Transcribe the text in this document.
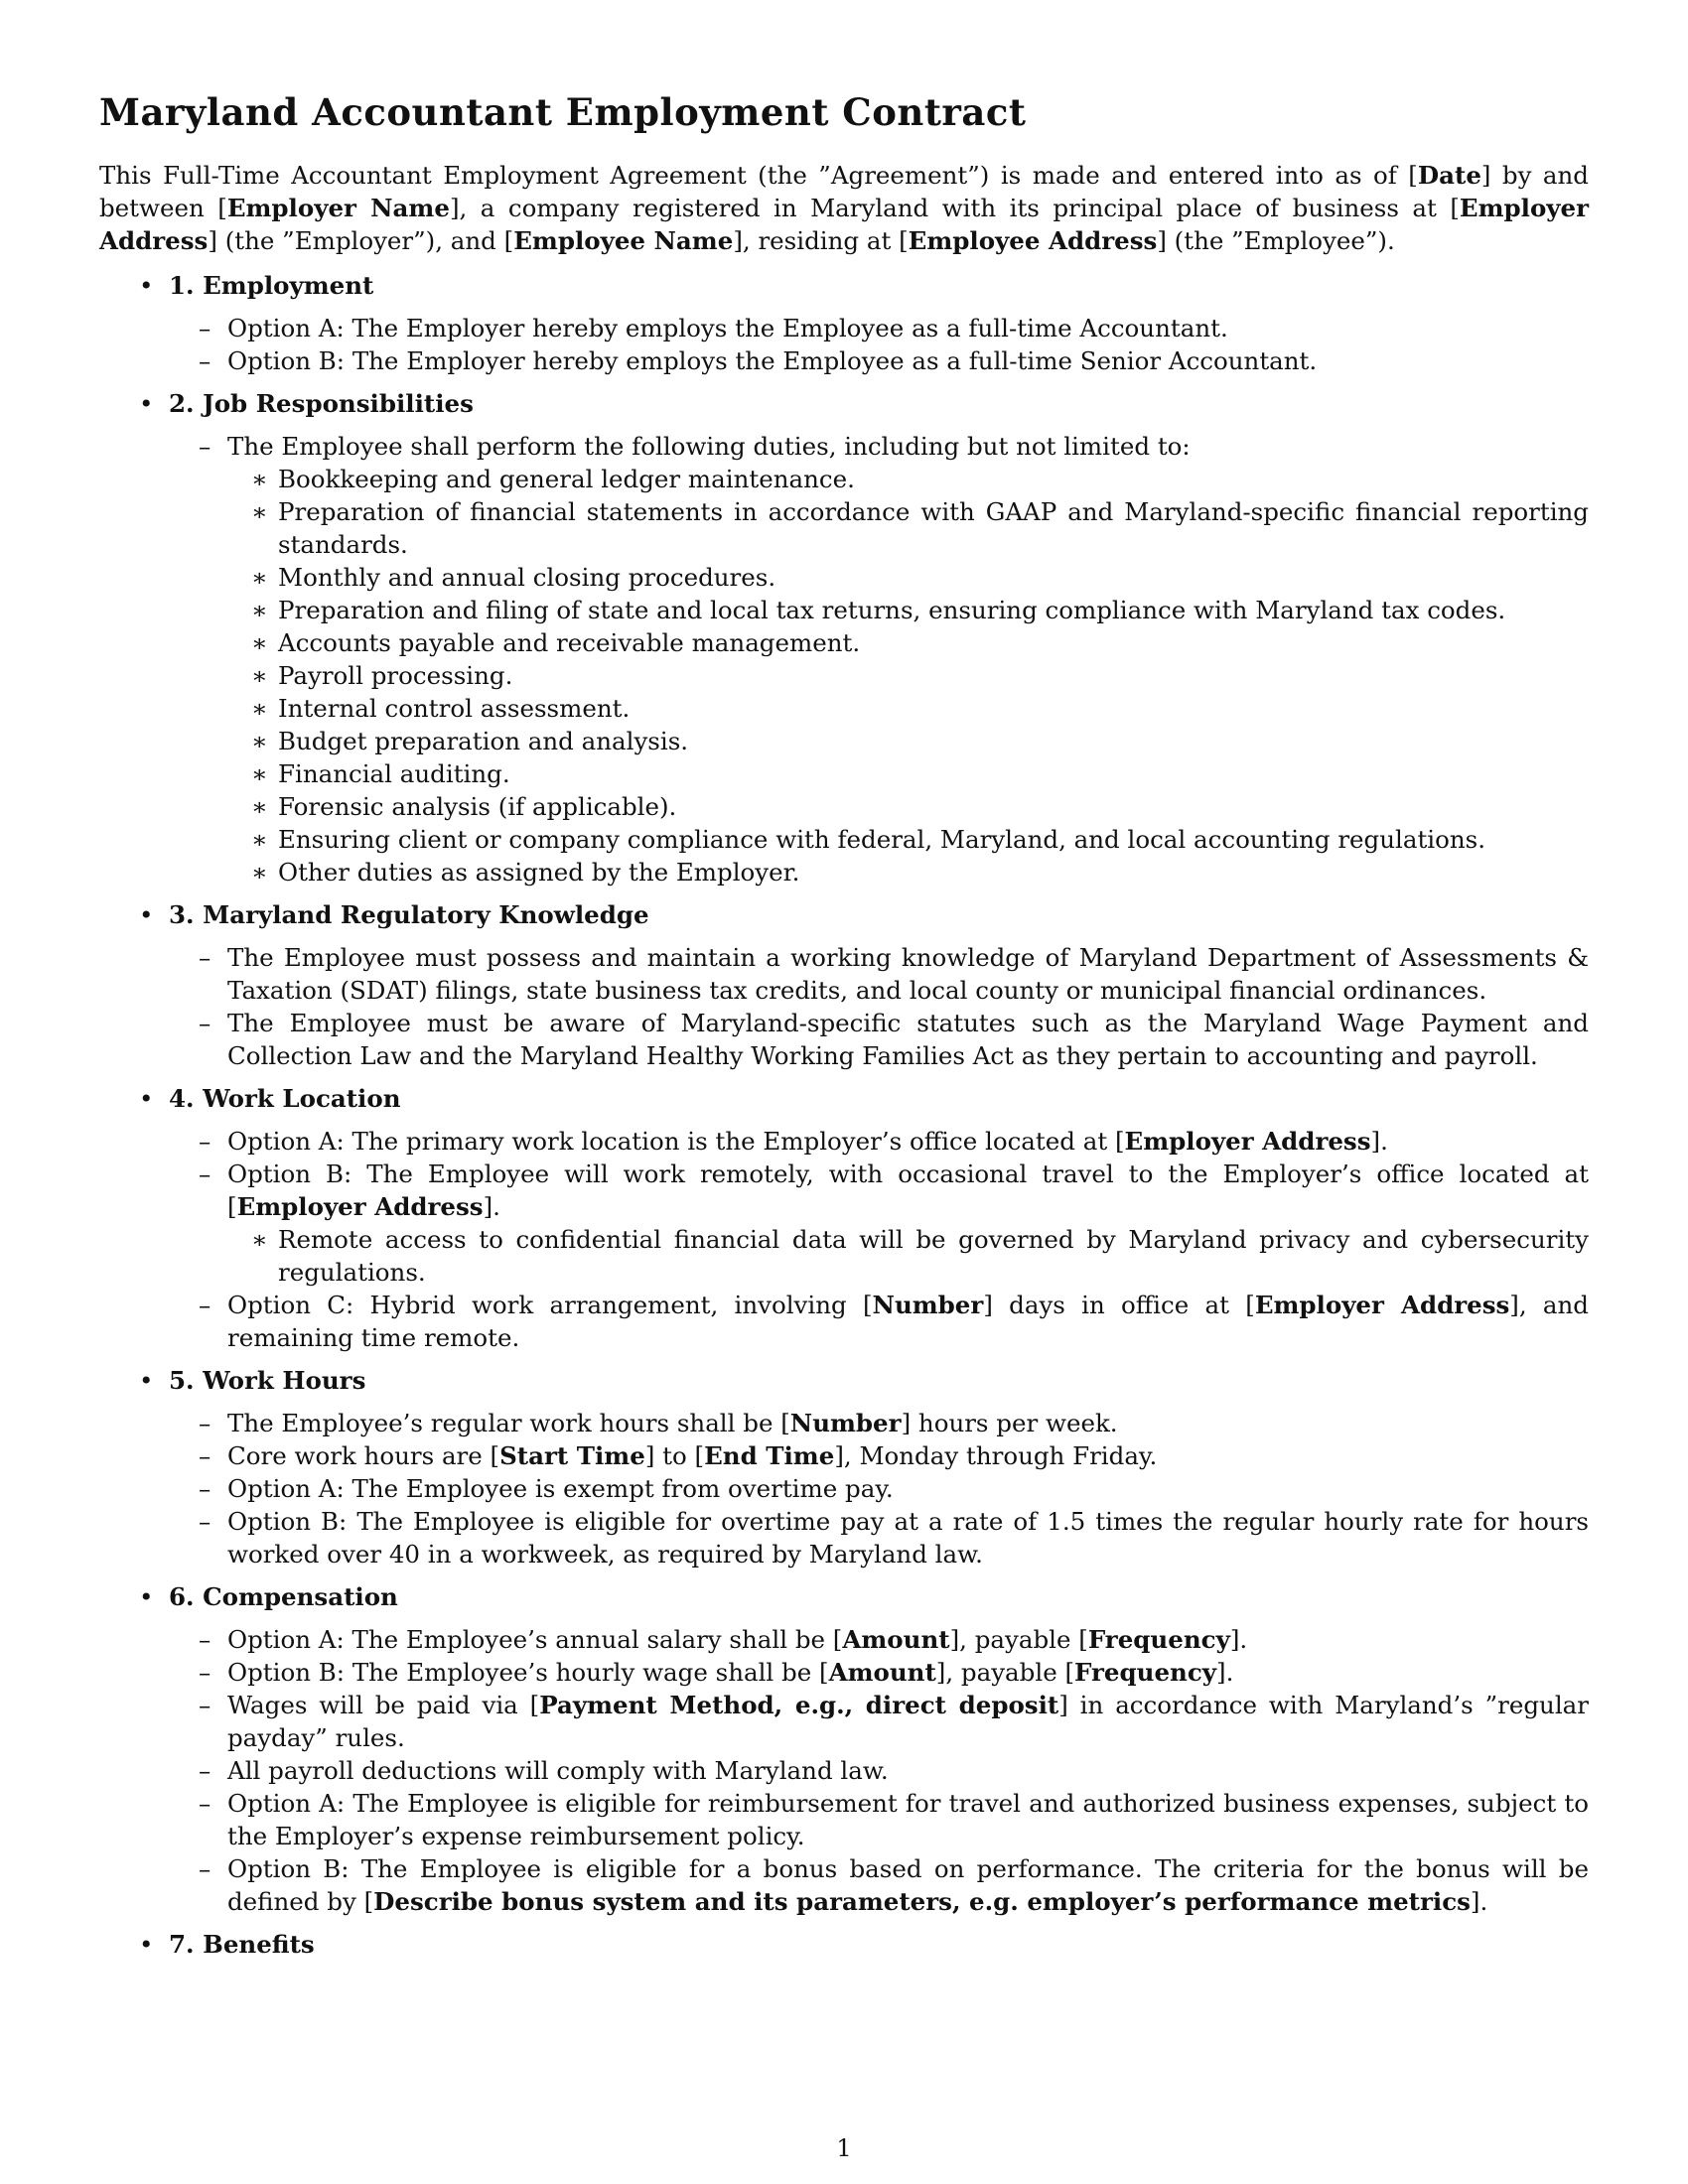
Maryland Accountant Employment Contract

This Full-Time Accountant Employment Agreement (the ”Agreement”) is made and entered into as of [Date] by and between [Employer Name], a company registered in Maryland with its principal place of business at [Employer Address] (the ”Employer”), and [Employee Name], residing at [Employee Address] (the ”Employee”).

• 1. Employment
– Option A: The Employer hereby employs the Employee as a full-time Accountant.
– Option B: The Employer hereby employs the Employee as a full-time Senior Accountant.
• 2. Job Responsibilities
– The Employee shall perform the following duties, including but not limited to:
∗ Bookkeeping and general ledger maintenance.
∗ Preparation of financial statements in accordance with GAAP and Maryland-specific financial reporting standards.
∗ Monthly and annual closing procedures.
∗ Preparation and filing of state and local tax returns, ensuring compliance with Maryland tax codes.
∗ Accounts payable and receivable management.
∗ Payroll processing.
∗ Internal control assessment.
∗ Budget preparation and analysis.
∗ Financial auditing.
∗ Forensic analysis (if applicable).
∗ Ensuring client or company compliance with federal, Maryland, and local accounting regulations.
∗ Other duties as assigned by the Employer.
• 3. Maryland Regulatory Knowledge
– The Employee must possess and maintain a working knowledge of Maryland Department of Assessments & Taxation (SDAT) filings, state business tax credits, and local county or municipal financial ordinances.
– The Employee must be aware of Maryland-specific statutes such as the Maryland Wage Payment and Collection Law and the Maryland Healthy Working Families Act as they pertain to accounting and payroll.
• 4. Work Location
– Option A: The primary work location is the Employer’s office located at [Employer Address].
– Option B: The Employee will work remotely, with occasional travel to the Employer’s office located at [Employer Address].
∗ Remote access to confidential financial data will be governed by Maryland privacy and cybersecurity regulations.
– Option C: Hybrid work arrangement, involving [Number] days in office at [Employer Address], and remaining time remote.
• 5. Work Hours
– The Employee’s regular work hours shall be [Number] hours per week.
– Core work hours are [Start Time] to [End Time], Monday through Friday.
– Option A: The Employee is exempt from overtime pay.
– Option B: The Employee is eligible for overtime pay at a rate of 1.5 times the regular hourly rate for hours worked over 40 in a workweek, as required by Maryland law.
• 6. Compensation
– Option A: The Employee’s annual salary shall be [Amount], payable [Frequency].
– Option B: The Employee’s hourly wage shall be [Amount], payable [Frequency].
– Wages will be paid via [Payment Method, e.g., direct deposit] in accordance with Maryland’s ”regular payday” rules.
– All payroll deductions will comply with Maryland law.
– Option A: The Employee is eligible for reimbursement for travel and authorized business expenses, subject to the Employer’s expense reimbursement policy.
– Option B: The Employee is eligible for a bonus based on performance. The criteria for the bonus will be defined by [Describe bonus system and its parameters, e.g. employer’s performance metrics].
• 7. Benefits
1
